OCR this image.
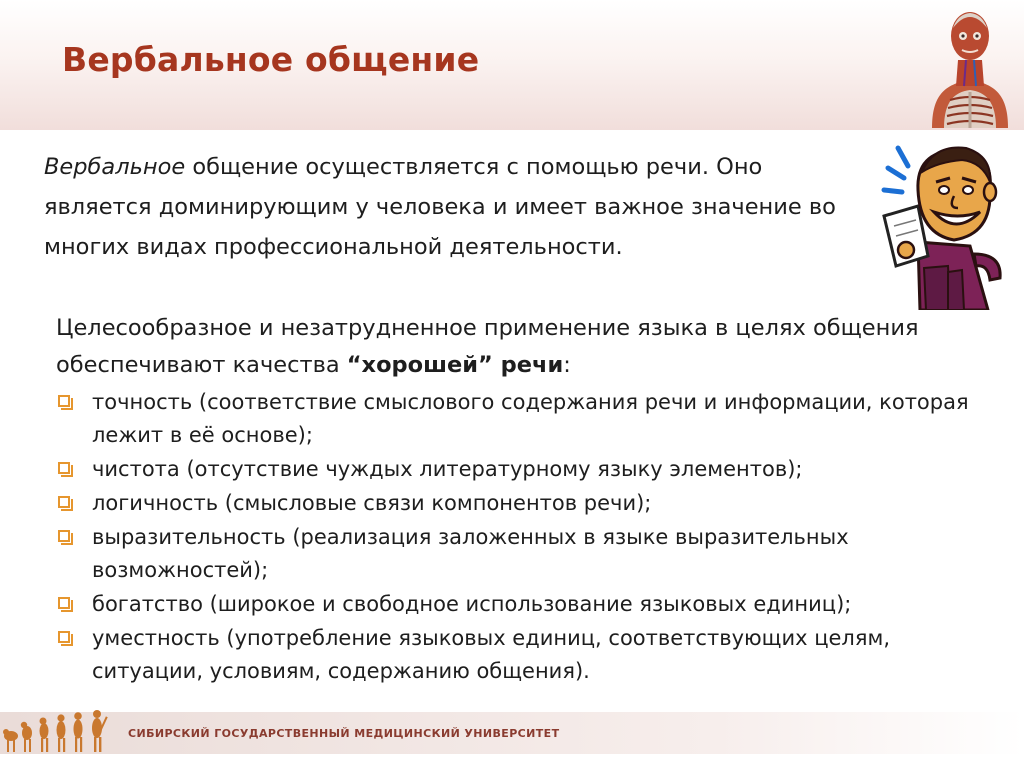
Вербальное общение

Вербальное общение осуществляется с помощью речи. Оно является доминирующим у человека и имеет важное значение во многих видах профессиональной деятельности.

Целесообразное и незатрудненное применение языка в целях общения обеспечивают качества “хорошей” речи:

точность (соответствие смыслового содержания речи и информации, которая лежит в её основе);
чистота (отсутствие чуждых литературному языку элементов);
логичность (смысловые связи компонентов речи);
выразительность (реализация заложенных в языке выразительных возможностей);
богатство (широкое и свободное использование языковых единиц);
уместность (употребление языковых единиц, соответствующих целям, ситуации, условиям, содержанию общения).

СИБИРСКИЙ ГОСУДАРСТВЕННЫЙ МЕДИЦИНСКИЙ УНИВЕРСИТЕТ
